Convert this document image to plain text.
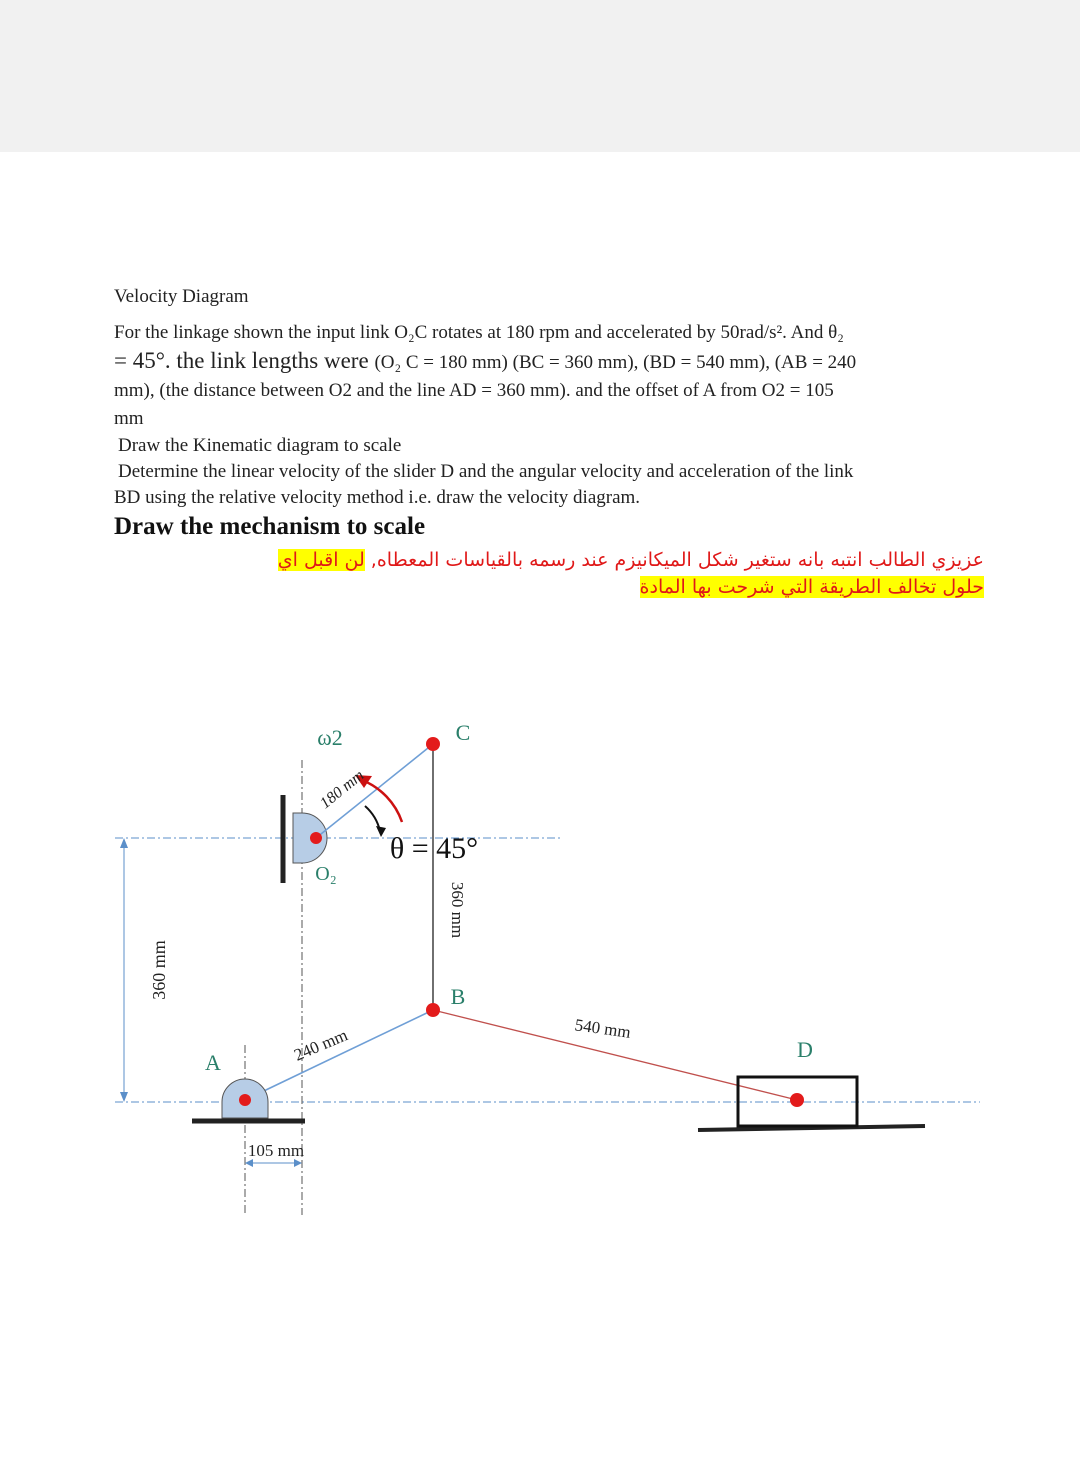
Velocity Diagram

For the linkage shown the input link O₂C rotates at 180 rpm and accelerated by 50rad/s². And θ₂

= 45°. the link lengths were (O₂ C = 180 mm) (BC = 360 mm), (BD = 540 mm), (AB = 240

mm), (the distance between O2 and the line AD = 360 mm). and the offset of A from O2 = 105

mm

Draw the Kinematic diagram to scale

Determine the linear velocity of the slider D and the angular velocity and acceleration of the link

BD using the relative velocity method i.e. draw the velocity diagram.

Draw the mechanism to scale

عزيزي الطالب انتبه بانه ستغير شكل الميكانيزم عند رسمه بالقياسات المعطاه, لن اقبل اي

حلول تخالف الطريقة التي شرحت بها المادة

360 mm
ω2	C
O₂
B
A
D
180 mm
θ = 45°
360 mm
540 mm
240 mm
105 mm
